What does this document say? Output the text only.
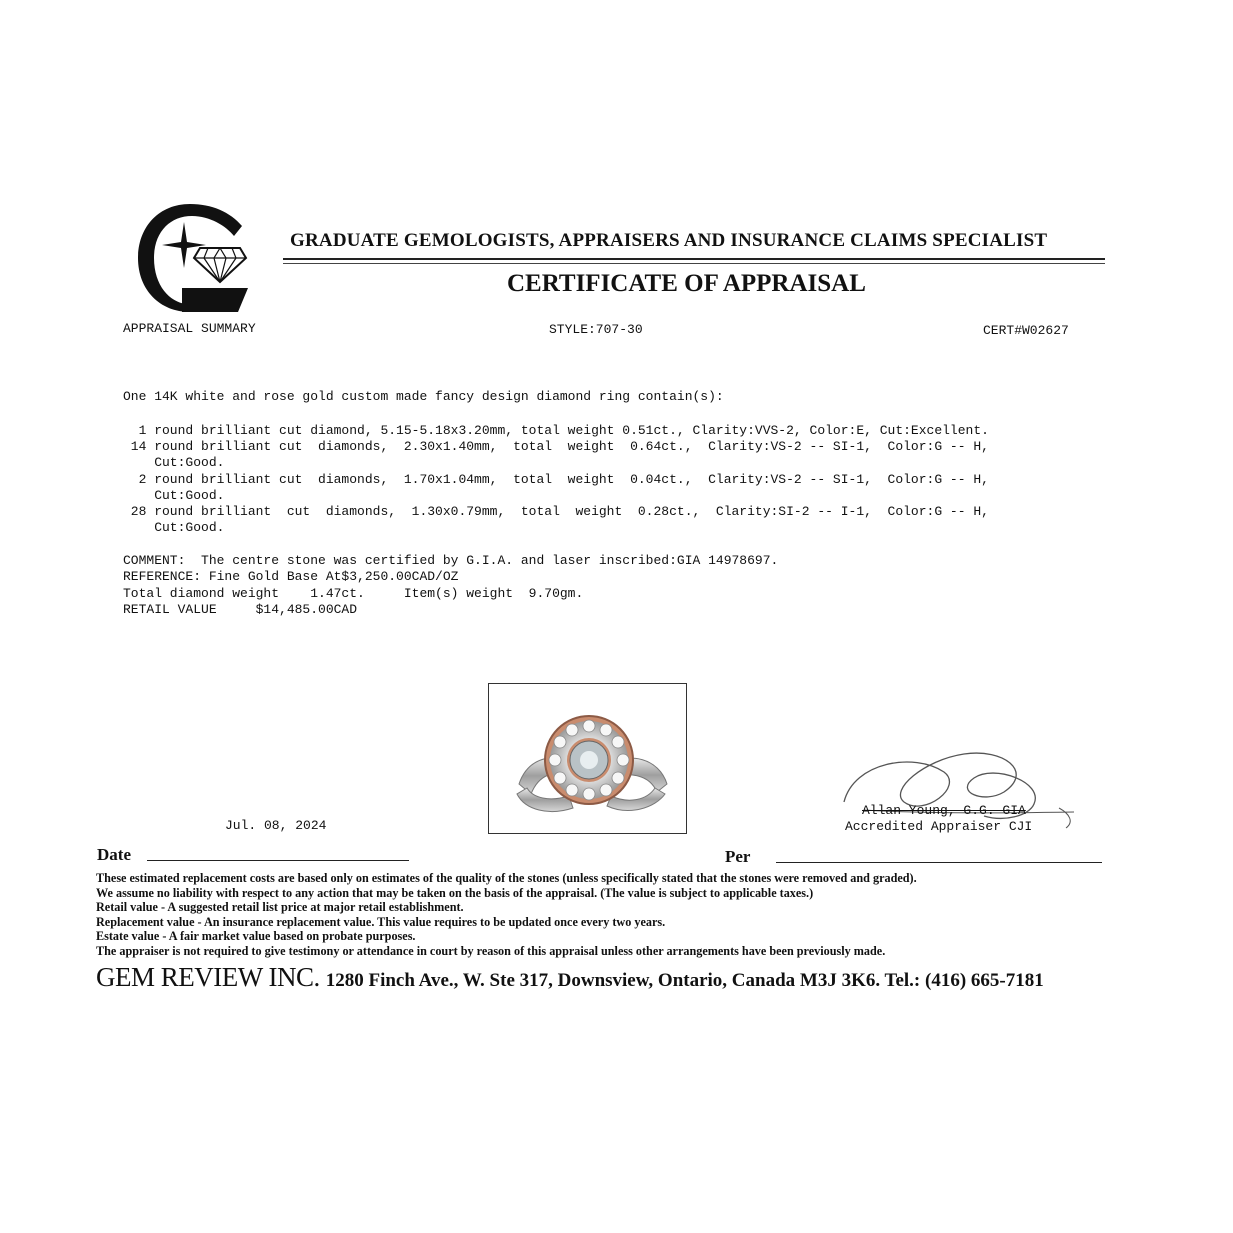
GRADUATE GEMOLOGISTS, APPRAISERS AND INSURANCE CLAIMS SPECIALIST
CERTIFICATE OF APPRAISAL
APPRAISAL SUMMARY	STYLE:707-30	CERT#W02627
One 14K white and rose gold custom made fancy design diamond ring contain(s):
1 round brilliant cut diamond, 5.15-5.18x3.20mm, total weight 0.51ct., Clarity:VVS-2, Color:E, Cut:Excellent.
14 round brilliant cut  diamonds,  2.30x1.40mm,  total  weight  0.64ct.,  Clarity:VS-2 -- SI-1,  Color:G -- H,
Cut:Good.
2 round brilliant cut  diamonds,  1.70x1.04mm,  total  weight  0.04ct.,  Clarity:VS-2 -- SI-1,  Color:G -- H,
Cut:Good.
28 round brilliant  cut  diamonds,  1.30x0.79mm,  total  weight  0.28ct.,  Clarity:SI-2 -- I-1,  Color:G -- H,
Cut:Good.
COMMENT:  The centre stone was certified by G.I.A. and laser inscribed:GIA 14978697.
REFERENCE: Fine Gold Base At$3,250.00CAD/OZ
Total diamond weight    1.47ct.     Item(s) weight  9.70gm.
RETAIL VALUE     $14,485.00CAD
Jul. 08, 2024
Allan Young, G.G. GIA
Accredited Appraiser CJI
Date	Per
These estimated replacement costs are based only on estimates of the quality of the stones (unless specifically stated that the stones were removed and graded).
We assume no liability with respect to any action that may be taken on the basis of the appraisal. (The value is subject to applicable taxes.)
Retail value - A suggested retail list price at major retail establishment.
Replacement value - An insurance replacement value. This value requires to be updated once every two years.
Estate value - A fair market value based on probate purposes.
The appraiser is not required to give testimony or attendance in court by reason of this appraisal unless other arrangements have been previously made.
GEM REVIEW INC. 1280 Finch Ave., W. Ste 317, Downsview, Ontario, Canada M3J 3K6. Tel.: (416) 665-7181
